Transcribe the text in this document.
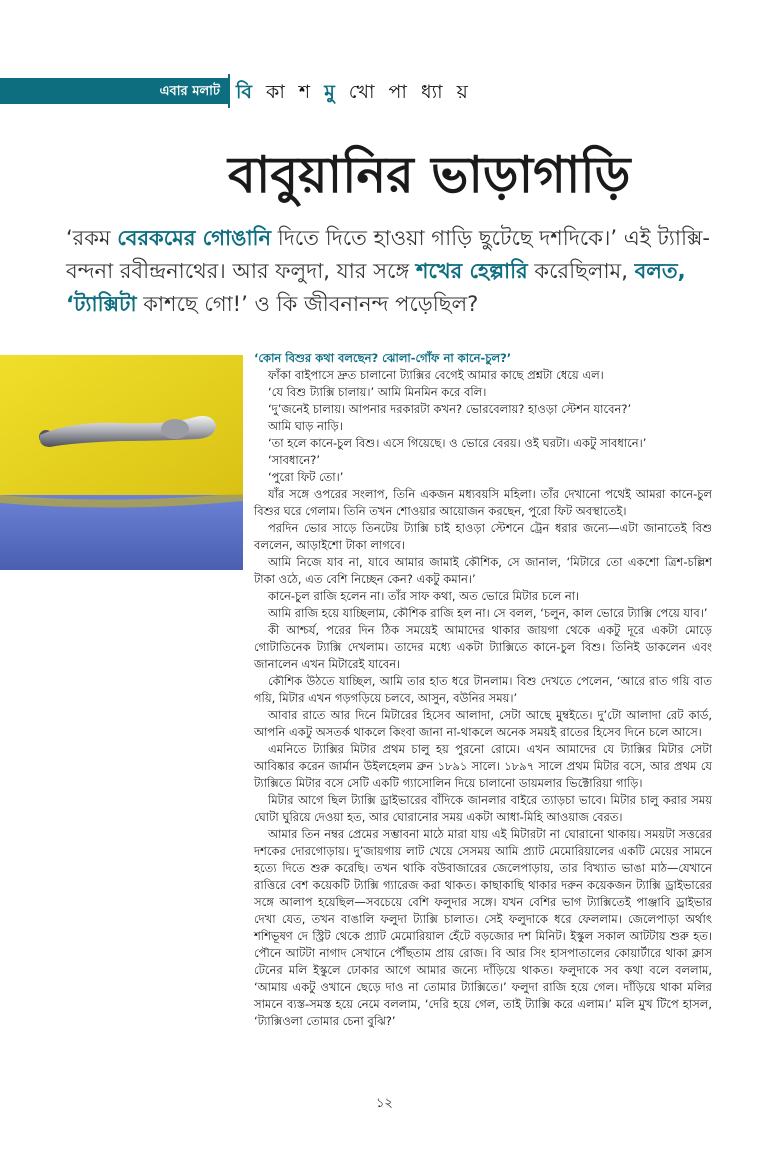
এবার মলাট বি কা শ মু খো পা ধ্যা য়
বাবুয়ানির ভাড়াগাড়ি
‘রকম বেরকমের গোঙানি দিতে দিতে হাওয়া গাড়ি ছুটেছে দশদিকে।’ এই ট্যাক্সি-বন্দনা রবীন্দ্রনাথের। আর ফলুদা, যার সঙ্গে শখের হেল্পারি করেছিলাম, বলত, ‘ট্যাক্সিটা কাশছে গো!’ ও কি জীবনানন্দ পড়েছিল?

‘কোন বিশুর কথা বলছেন? ঝোলা-গোঁফ না কানে-চুল?’

ফাঁকা বাইপাসে দ্রুত চালানো ট্যাক্সির বেগেই আমার কাছে প্রশ্নটা ধেয়ে এল।

‘যে বিশু ট্যাক্সি চালায়।’ আমি মিনমিন করে বলি।

‘দু’জনেই চালায়। আপনার দরকারটা কখন? ভোরবেলায়? হাওড়া স্টেশন যাবেন?’

আমি ঘাড় নাড়ি।

‘তা হলে কানে-চুল বিশু। এসে গিয়েছে। ও ভোরে বেরয়। ওই ঘরটা। একটু সাবধানে।’

‘সাবধানে?’

‘পুরো ফিট তো।’

যাঁর সঙ্গে ওপরের সংলাপ, তিনি একজন মধ্যবয়সি মহিলা। তাঁর দেখানো পথেই আমরা কানে-চুল বিশুর ঘরে গেলাম। তিনি তখন শোওয়ার আয়োজন করছেন, পুরো ফিট অবস্থাতেই।

পরদিন ভোর সাড়ে তিনটেয় ট্যাক্সি চাই হাওড়া স্টেশনে ট্রেন ধরার জন্যে—এটা জানাতেই বিশু বললেন, আড়াইশো টাকা লাগবে।

আমি নিজে যাব না, যাবে আমার জামাই কৌশিক, সে জানাল, ‘মিটারে তো একশো ত্রিশ-চল্লিশ টাকা ওঠে, এত বেশি নিচ্ছেন কেন? একটু কমান।’

কানে-চুল রাজি হলেন না। তাঁর সাফ কথা, অত ভোরে মিটার চলে না।

আমি রাজি হয়ে যাচ্ছিলাম, কৌশিক রাজি হল না। সে বলল, ‘চলুন, কাল ভোরে ট্যাক্সি পেয়ে যাব।’

কী আশ্চর্য, পরের দিন ঠিক সময়েই আমাদের থাকার জায়গা থেকে একটু দূরে একটা মোড়ে গোটাতিনেক ট্যাক্সি দেখলাম। তাদের মধ্যে একটা ট্যাক্সিতে কানে-চুল বিশু। তিনিই ডাকলেন এবং জানালেন এখন মিটারেই যাবেন।

কৌশিক উঠতে যাচ্ছিল, আমি তার হাত ধরে টানলাম। বিশু দেখতে পেলেন, ‘আরে রাত গয়ি বাত গয়ি, মিটার এখন গড়গড়িয়ে চলবে, আসুন, বউনির সময়।’

আবার রাতে আর দিনে মিটারের হিসেব আলাদা, সেটা আছে মুম্বইতে। দু’টো আলাদা রেট কার্ড, আপনি একটু অসতর্ক থাকলে কিংবা জানা না-থাকলে অনেক সময়ই রাতের হিসেব দিনে চলে আসে।

এমনিতে ট্যাক্সির মিটার প্রথম চালু হয় পুরনো রোমে। এখন আমাদের যে ট্যাক্সির মিটার সেটা আবিষ্কার করেন জার্মান উইলহেলম ব্রুন ১৮৯১ সালে। ১৮৯৭ সালে প্রথম মিটার বসে, আর প্রথম যে ট্যাক্সিতে মিটার বসে সেটি একটি গ্যাসোলিন দিয়ে চালানো ডায়মলার ভিক্টোরিয়া গাড়ি।

মিটার আগে ছিল ট্যাক্সি ড্রাইভারের বাঁদিকে জানলার বাইরে ত্যাড়চা ভাবে। মিটার চালু করার সময় ঘোটা ঘুরিয়ে দেওয়া হত, আর ঘোরানোর সময় একটা আধা-মিহি আওয়াজ বেরত।

আমার তিন নম্বর প্রেমের সম্ভাবনা মাঠে মারা যায় এই মিটারটা না ঘোরানো থাকায়। সময়টা সত্তরের দশকের দোরগোড়ায়। দু’জায়গায় লাট খেয়ে সেসময় আমি প্র্যাট মেমোরিয়ালের একটি মেয়ের সামনে হত্যে দিতে শুরু করেছি। তখন থাকি বউবাজারের জেলেপাড়ায়, তার বিখ্যাত ভাঙা মাঠ—যেখানে রাত্তিরে বেশ কয়েকটি ট্যাক্সি গ্যারেজ করা থাকত। কাছাকাছি থাকার দরুন কয়েকজন ট্যাক্সি ড্রাইভারের সঙ্গে আলাপ হয়েছিল—সবচেয়ে বেশি ফলুদার সঙ্গে। যখন বেশির ভাগ ট্যাক্সিতেই পাঞ্জাবি ড্রাইভার দেখা যেত, তখন বাঙালি ফলুদা ট্যাক্সি চালাত। সেই ফলুদাকে ধরে ফেললাম। জেলেপাড়া অর্থাৎ শশিভূষণ দে স্ট্রিট থেকে প্র্যাট মেমোরিয়াল হেঁটে বড়জোর দশ মিনিট। ইস্কুল সকাল আটটায় শুরু হত। পৌনে আটটা নাগাদ সেখানে পৌঁছতাম প্রায় রোজ। বি আর সিং হাসপাতালের কোয়ার্টারে থাকা ক্লাস টেনের মলি ইস্কুলে ঢোকার আগে আমার জন্যে দাঁড়িয়ে থাকত। ফলুদাকে সব কথা বলে বললাম, ‘আমায় একটু ওখানে ছেড়ে দাও না তোমার ট্যাক্সিতে।’ ফলুদা রাজি হয়ে গেল। দাঁড়িয়ে থাকা মলির সামনে ব্যস্ত-সমস্ত হয়ে নেমে বললাম, ‘দেরি হয়ে গেল, তাই ট্যাক্সি করে এলাম।’ মলি মুখ টিপে হাসল, ‘ট্যাক্সিওলা তোমার চেনা বুঝি?’

১২
